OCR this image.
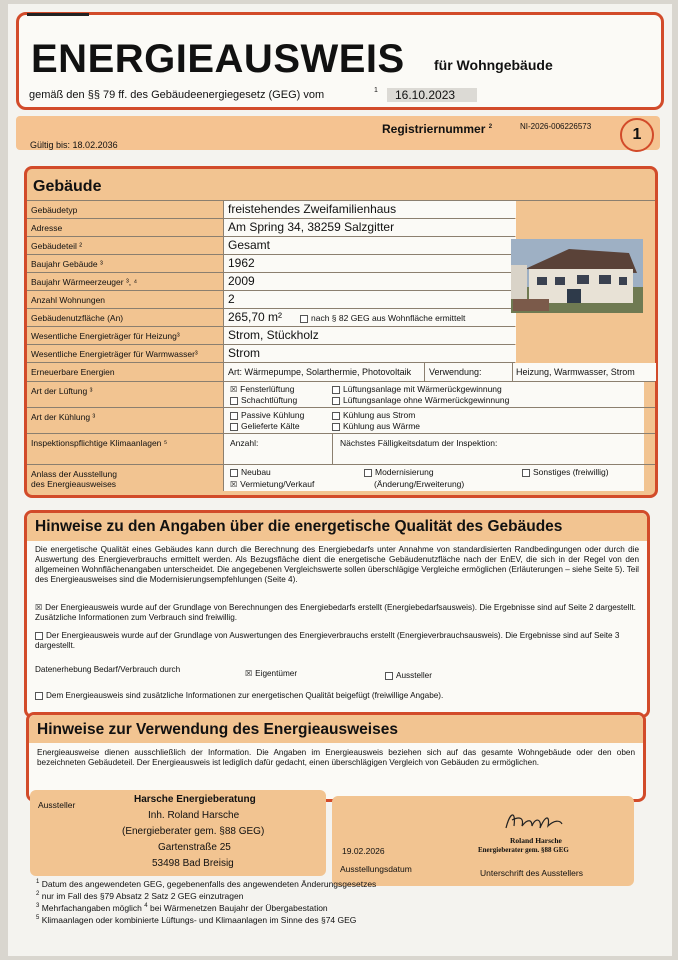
ENERGIEAUSWEIS für Wohngebäude
gemäß den §§ 79 ff. des Gebäudeenergiegesetz (GEG) vom	1	16.10.2023
Registriernummer $^2$	NI-2026-006226573
Gültig bis: 18.02.2036
1
Gebäude
Gebäudetyp	freistehendes Zweifamilienhaus
Adresse	Am Spring 34, 38259 Salzgitter
Gebäudeteil ²	Gesamt
Baujahr Gebäude ³	1962
Baujahr Wärmeerzeuger ³, ⁴	2009
Anzahl Wohnungen	2
Gebäudenutzfläche (An)	265,70 m²	nach § 82 GEG aus Wohnfläche ermittelt
Wesentliche Energieträger für Heizung³	Strom, Stückholz
Wesentliche Energieträger für Warmwasser³	Strom
Erneuerbare Energien	Art: Wärmepumpe, Solarthermie, Photovoltaik Verwendung:	Heizung, Warmwasser, Strom
Art der Lüftung ³	☒ Fensterlüftung
Schachtlüftung
Lüftungsanlage mit Wärmerückgewinnung
Lüftungsanlage ohne Wärmerückgewinnung
Art der Kühlung ³	Passive Kühlung
Gelieferte Kälte
Kühlung aus Strom
Kühlung aus Wärme
Inspektionspflichtige Klimaanlagen ⁵	Anzahl:	Nächstes Fälligkeitsdatum der Inspektion:
Anlass der Ausstellung
des Energieausweises
Neubau
☒ Vermietung/Verkauf
Modernisierung
(Änderung/Erweiterung)
Sonstiges (freiwillig)
Hinweise zu den Angaben über die energetische Qualität des Gebäudes
Die energetische Qualität eines Gebäudes kann durch die Berechnung des Energiebedarfs unter Annahme von standardisierten Randbedingungen oder durch die Auswertung des Energieverbrauchs ermittelt werden. Als Bezugsfläche dient die energetische Gebäudenutzfläche nach der EnEV, die sich in der Regel von den allgemeinen Wohnflächenangaben unterscheidet. Die angegebenen Vergleichswerte sollen überschlägige Vergleiche ermöglichen (Erläuterungen – siehe Seite 5). Teil des Energieausweises sind die Modernisierungsempfehlungen (Seite 4).
☒ Der Energieausweis wurde auf der Grundlage von Berechnungen des Energiebedarfs erstellt (Energiebedarfsausweis). Die Ergebnisse sind auf Seite 2 dargestellt. Zusätzliche Informationen zum Verbrauch sind freiwillig.
Der Energieausweis wurde auf der Grundlage von Auswertungen des Energieverbrauchs erstellt (Energieverbrauchsausweis). Die Ergebnisse sind auf Seite 3 dargestellt.
Datenerhebung Bedarf/Verbrauch durch	☒ Eigentümer	Aussteller
Dem Energieausweis sind zusätzliche Informationen zur energetischen Qualität beigefügt (freiwillige Angabe).
Hinweise zur Verwendung des Energieausweises
Energieausweise dienen ausschließlich der Information. Die Angaben im Energieausweis beziehen sich auf das gesamte Wohngebäude oder den oben bezeichneten Gebäudeteil. Der Energieausweis ist lediglich dafür gedacht, einen überschlägigen Vergleich von Gebäuden zu ermöglichen.
Aussteller	Harsche Energieberatung
Inh. Roland Harsche
(Energieberater gem. §88 GEG)
Gartenstraße 25
53498 Bad Breisig
19.02.2026
Ausstellungsdatum
Roland Harsche
Energieberater gem. §88 GEG
Unterschrift des Ausstellers
$^1$ Datum des angewendeten GEG, gegebenenfalls des angewendeten Änderungsgesetzes
$^2$ nur im Fall des §79 Absatz 2 Satz 2 GEG einzutragen
$^3$ Mehrfachangaben möglich $^4$ bei Wärmenetzen Baujahr der Übergabestation
$^5$ Klimaanlagen oder kombinierte Lüftungs- und Klimaanlagen im Sinne des §74 GEG
